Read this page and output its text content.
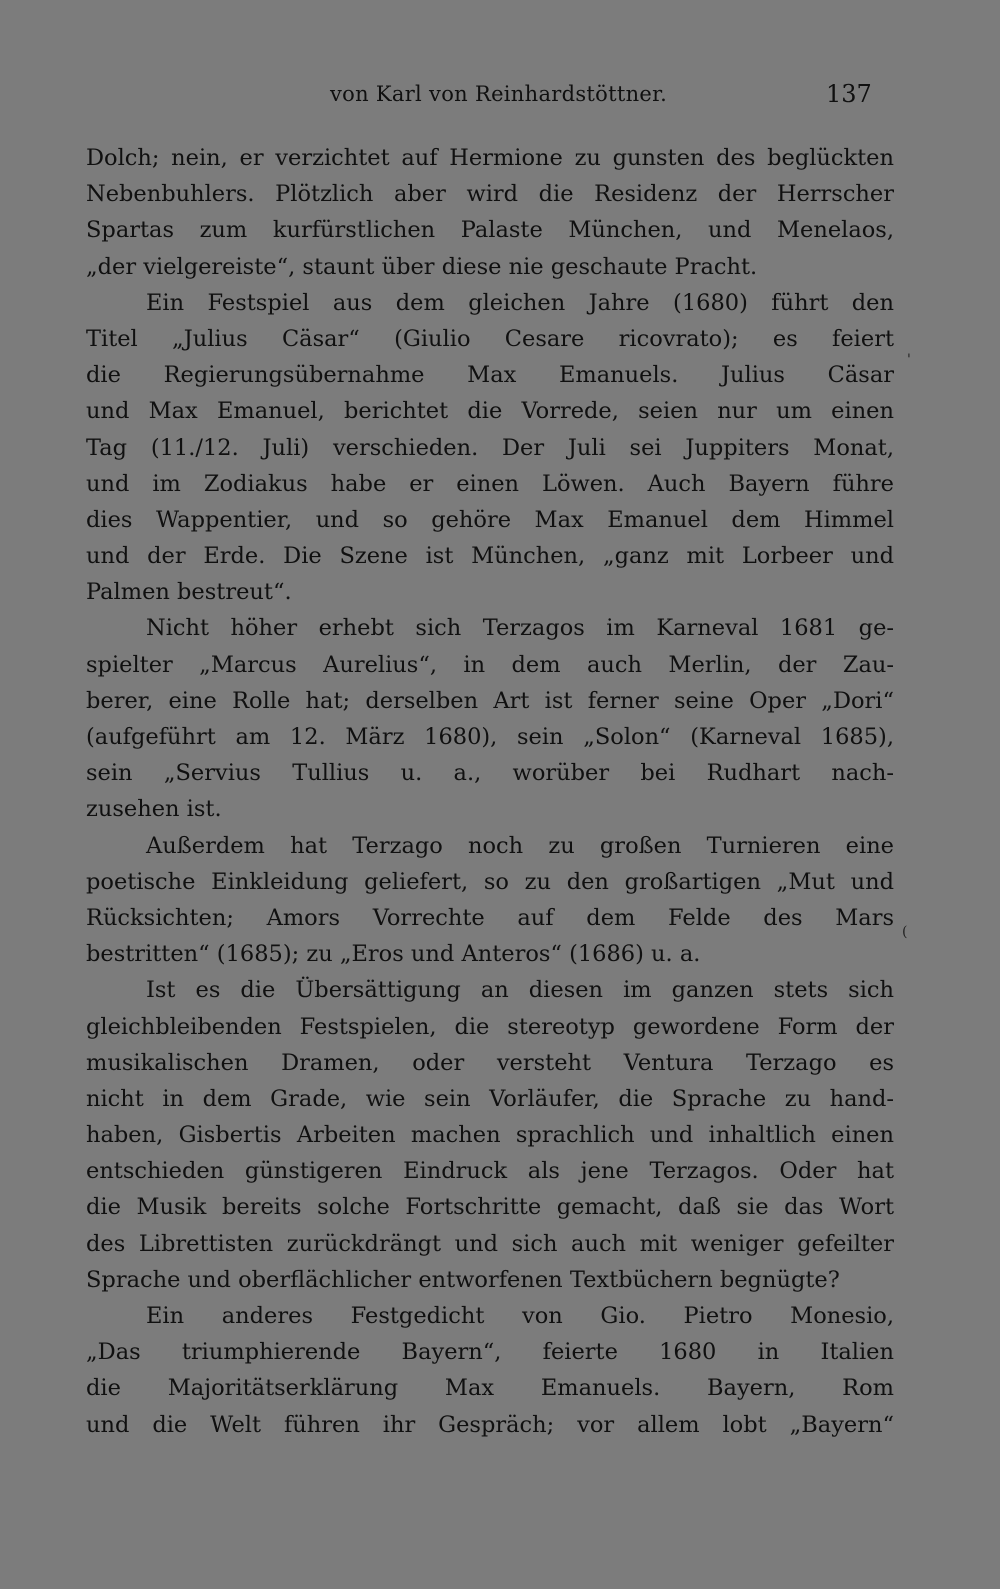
von Karl von Reinhardstöttner.	137
Dolch; nein, er verzichtet auf Hermione zu gunsten des beglückten
Nebenbuhlers. Plötzlich aber wird die Residenz der Herrscher
Spartas zum kurfürstlichen Palaste München, und Menelaos,
„der vielgereiste“, staunt über diese nie geschaute Pracht.
Ein Festspiel aus dem gleichen Jahre (1680) führt den
Titel „Julius Cäsar“ (Giulio Cesare ricovrato); es feiert
die Regierungsübernahme Max Emanuels. Julius Cäsar
und Max Emanuel, berichtet die Vorrede, seien nur um einen
Tag (11./12. Juli) verschieden. Der Juli sei Juppiters Monat,
und im Zodiakus habe er einen Löwen. Auch Bayern führe
dies Wappentier, und so gehöre Max Emanuel dem Himmel
und der Erde. Die Szene ist München, „ganz mit Lorbeer und
Palmen bestreut“.
Nicht höher erhebt sich Terzagos im Karneval 1681 ge-
spielter „Marcus Aurelius“, in dem auch Merlin, der Zau-
berer, eine Rolle hat; derselben Art ist ferner seine Oper „Dori“
(aufgeführt am 12. März 1680), sein „Solon“ (Karneval 1685),
sein „Servius Tullius u. a., worüber bei Rudhart nach-
zusehen ist.
Außerdem hat Terzago noch zu großen Turnieren eine
poetische Einkleidung geliefert, so zu den großartigen „Mut und
Rücksichten; Amors Vorrechte auf dem Felde des Mars
bestritten“ (1685); zu „Eros und Anteros“ (1686) u. a.
Ist es die Übersättigung an diesen im ganzen stets sich
gleichbleibenden Festspielen, die stereotyp gewordene Form der
musikalischen Dramen, oder versteht Ventura Terzago es
nicht in dem Grade, wie sein Vorläufer, die Sprache zu hand-
haben, Gisbertis Arbeiten machen sprachlich und inhaltlich einen
entschieden günstigeren Eindruck als jene Terzagos. Oder hat
die Musik bereits solche Fortschritte gemacht, daß sie das Wort
des Librettisten zurückdrängt und sich auch mit weniger gefeilter
Sprache und oberflächlicher entworfenen Textbüchern begnügte?
Ein anderes Festgedicht von Gio. Pietro Monesio,
„Das triumphierende Bayern“, feierte 1680 in Italien
die Majoritätserklärung Max Emanuels. Bayern, Rom
und die Welt führen ihr Gespräch; vor allem lobt „Bayern“
'
(
